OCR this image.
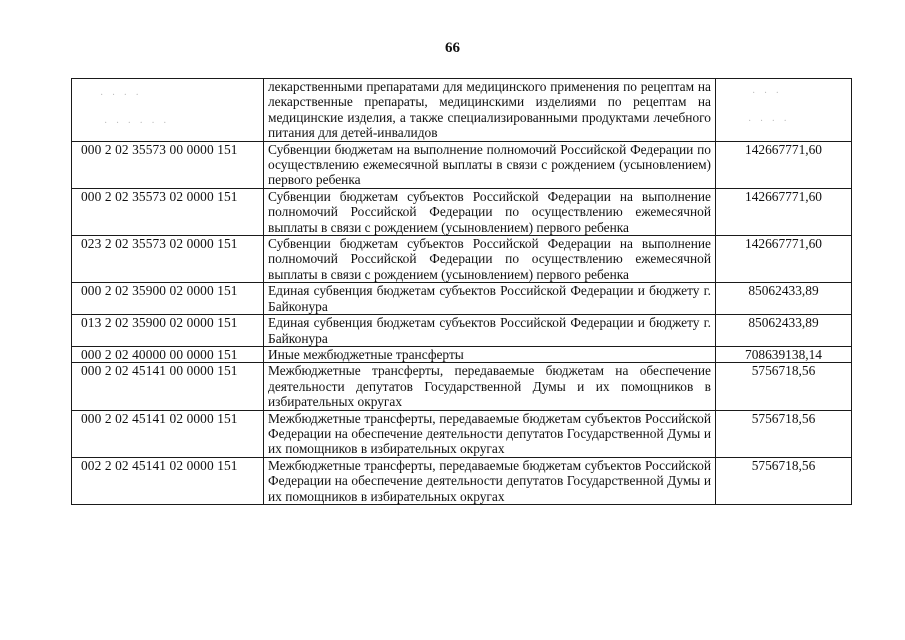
66
· · · ·
· · · · · ·
· · ·
· · · ·
	лекарственными препаратами для медицинского применения по рецептам на лекарственные препараты, медицинскими изделиями по рецептам на медицинские изделия, а также специализированными продуктами лечебного питания для детей-инвалидов	
000 2 02 35573 00 0000 151	Субвенции бюджетам на выполнение полномочий Российской Федерации по осуществлению ежемесячной выплаты в связи с рождением (усыновлением) первого ребенка	142667771,60
000 2 02 35573 02 0000 151	Субвенции бюджетам субъектов Российской Федерации на выполнение полномочий Российской Федерации по осуществлению ежемесячной выплаты в связи с рождением (усыновлением) первого ребенка	142667771,60
023 2 02 35573 02 0000 151	Субвенции бюджетам субъектов Российской Федерации на выполнение полномочий Российской Федерации по осуществлению ежемесячной выплаты в связи с рождением (усыновлением) первого ребенка	142667771,60
000 2 02 35900 02 0000 151	Единая субвенция бюджетам субъектов Российской Федерации и бюджету г. Байконура	85062433,89
013 2 02 35900 02 0000 151	Единая субвенция бюджетам субъектов Российской Федерации и бюджету г. Байконура	85062433,89
000 2 02 40000 00 0000 151	Иные межбюджетные трансферты	708639138,14
000 2 02 45141 00 0000 151	Межбюджетные трансферты, передаваемые бюджетам на обеспечение деятельности депутатов Государственной Думы и их помощников в избирательных округах	5756718,56
000 2 02 45141 02 0000 151	Межбюджетные трансферты, передаваемые бюджетам субъектов Российской Федерации на обеспечение деятельности депутатов Государственной Думы и их помощников в избирательных округах	5756718,56
002 2 02 45141 02 0000 151	Межбюджетные трансферты, передаваемые бюджетам субъектов Российской Федерации на обеспечение деятельности депутатов Государственной Думы и их помощников в избирательных округах	5756718,56
